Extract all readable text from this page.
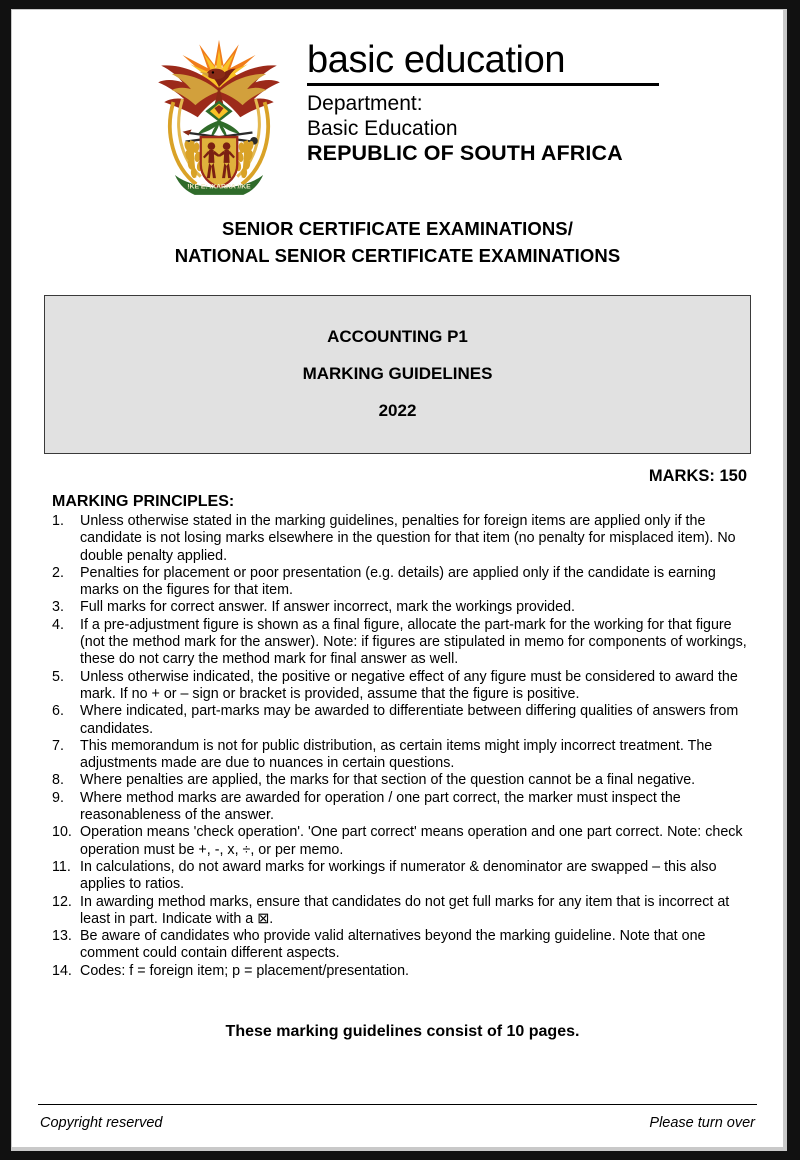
!KE E: /XARRA //KE
basic education
Department:
Basic Education
REPUBLIC OF SOUTH AFRICA
SENIOR CERTIFICATE EXAMINATIONS/
NATIONAL SENIOR CERTIFICATE EXAMINATIONS
ACCOUNTING P1
MARKING GUIDELINES
2022
MARKS: 150
MARKING PRINCIPLES:
1.	Unless otherwise stated in the marking guidelines, penalties for foreign items are applied only if the candidate is not losing marks elsewhere in the question for that item (no penalty for misplaced item). No double penalty applied.
2.	Penalties for placement or poor presentation (e.g. details) are applied only if the candidate is earning marks on the figures for that item.
3.	Full marks for correct answer. If answer incorrect, mark the workings provided.
4.	If a pre-adjustment figure is shown as a final figure, allocate the part-mark for the working for that figure (not the method mark for the answer). Note: if figures are stipulated in memo for components of workings, these do not carry the method mark for final answer as well.
5.	Unless otherwise indicated, the positive or negative effect of any figure must be considered to award the mark. If no + or – sign or bracket is provided, assume that the figure is positive.
6.	Where indicated, part-marks may be awarded to differentiate between differing qualities of answers from candidates.
7.	This memorandum is not for public distribution, as certain items might imply incorrect treatment. The adjustments made are due to nuances in certain questions.
8.	Where penalties are applied, the marks for that section of the question cannot be a final negative.
9.	Where method marks are awarded for operation / one part correct, the marker must inspect the reasonableness of the answer.
10. Operation means 'check operation'. 'One part correct' means operation and one part correct. Note: check operation must be +, -, x, ÷, or per memo.
11. In calculations, do not award marks for workings if numerator & denominator are swapped – this also applies to ratios.
12. In awarding method marks, ensure that candidates do not get full marks for any item that is incorrect at least in part. Indicate with a ⊠.
13. Be aware of candidates who provide valid alternatives beyond the marking guideline. Note that one comment could contain different aspects.
14. Codes: f = foreign item; p = placement/presentation.
These marking guidelines consist of 10 pages.
Copyright reserved	Please turn over
